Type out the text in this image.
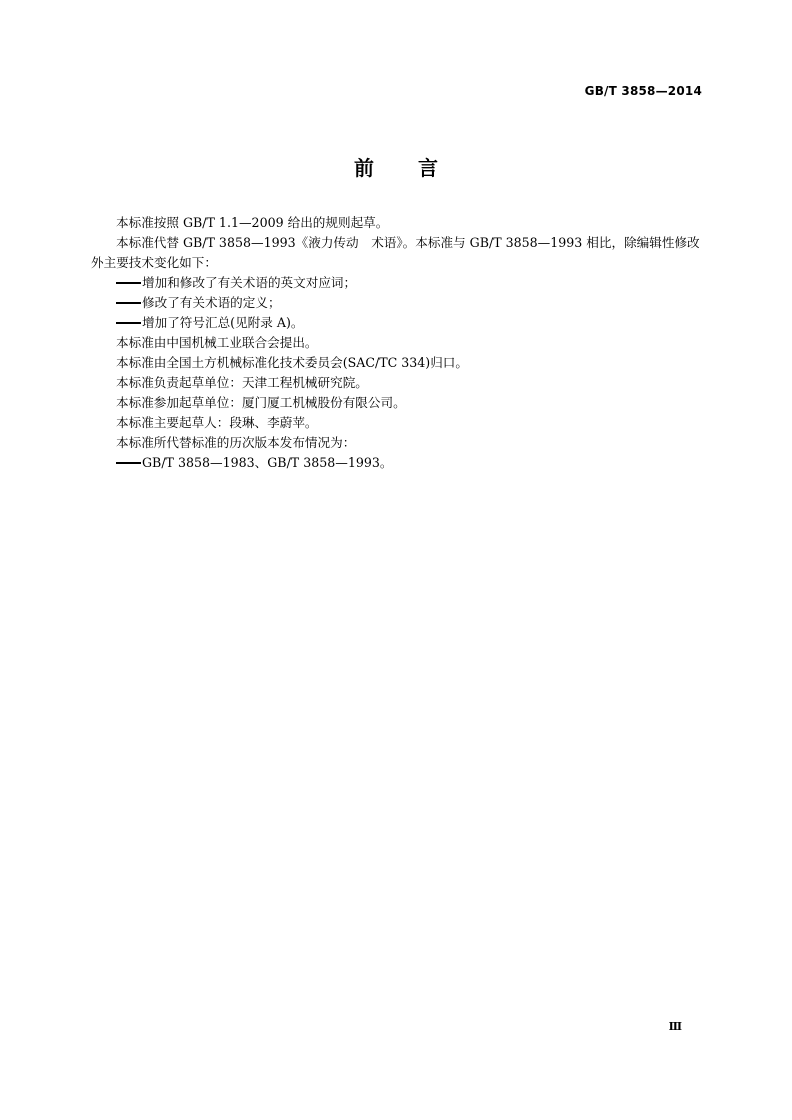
GB/T 3858—2014
前 言

本标准按照 GB/T 1.1—2009 给出的规则起草。

本标准代替 GB/T 3858—1993《液力传动　术语》。本标准与 GB/T 3858—1993 相比，除编辑性修改外主要技术变化如下：

增加和修改了有关术语的英文对应词；

修改了有关术语的定义；

增加了符号汇总(见附录 A)。

本标准由中国机械工业联合会提出。

本标准由全国土方机械标准化技术委员会(SAC/TC 334)归口。

本标准负责起草单位：天津工程机械研究院。

本标准参加起草单位：厦门厦工机械股份有限公司。

本标准主要起草人：段琳、李蔚苹。

本标准所代替标准的历次版本发布情况为：

GB/T 3858—1983、GB/T 3858—1993。

Ⅲ
